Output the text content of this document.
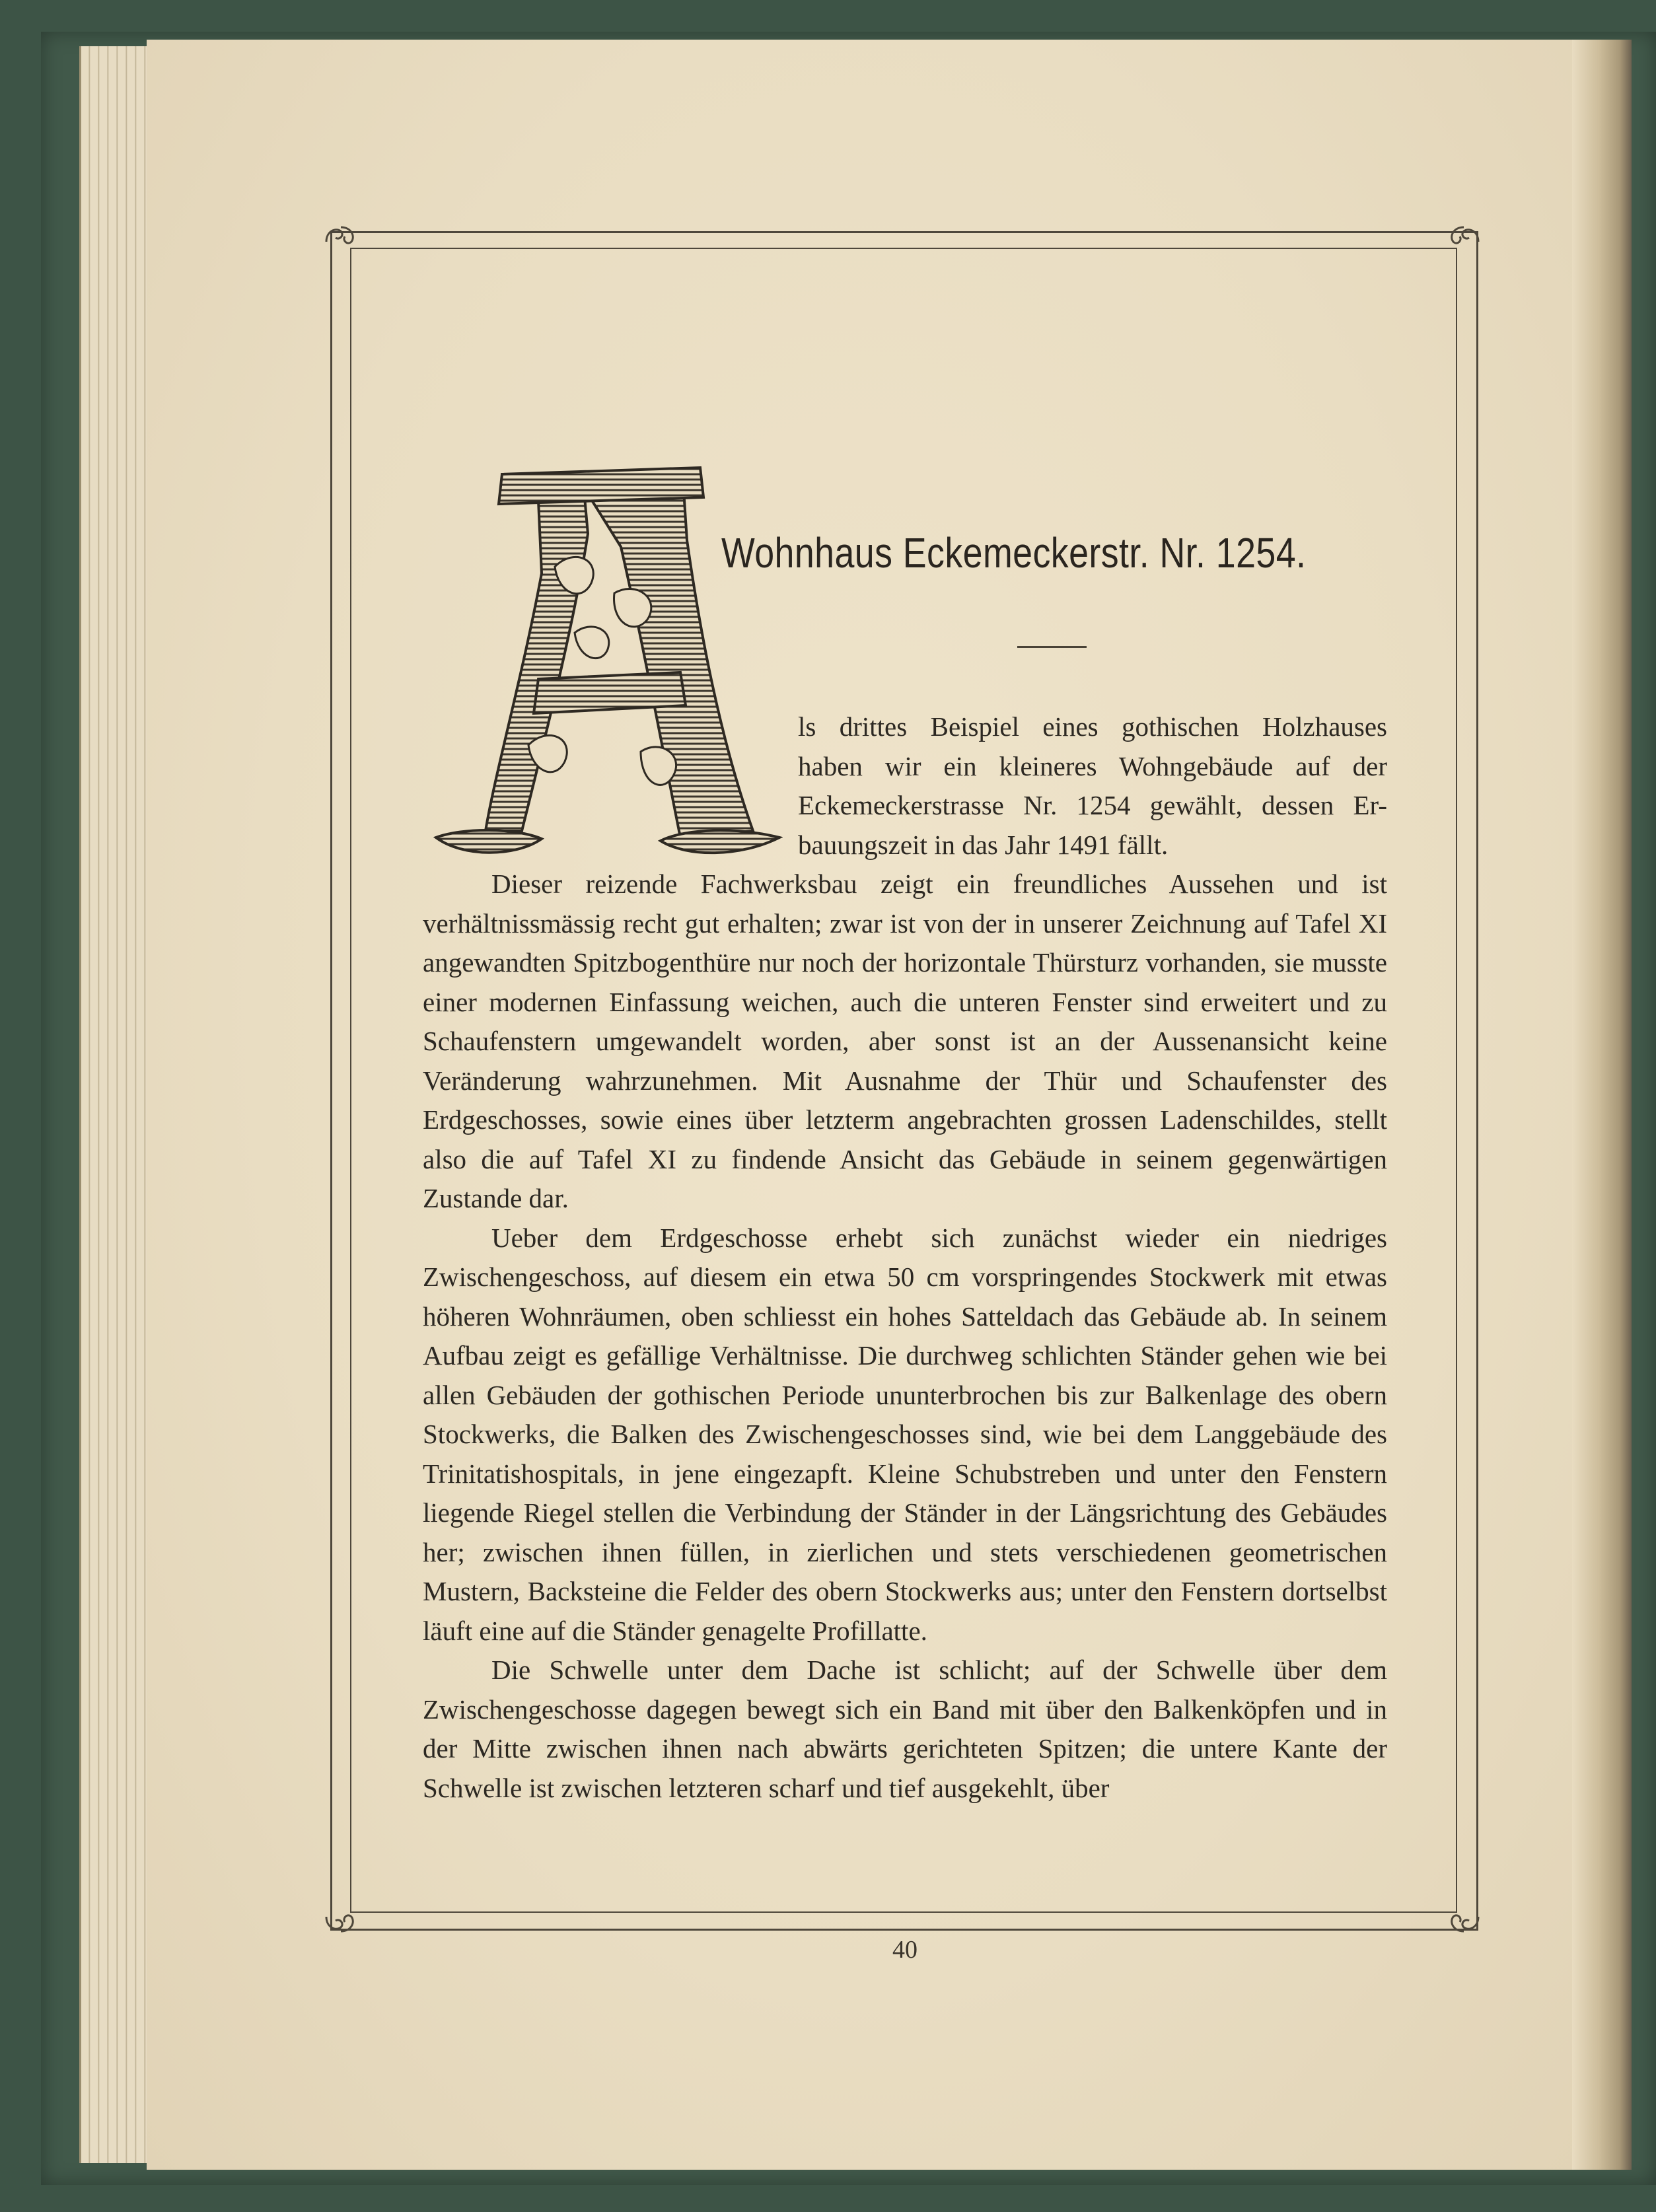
Wohnhaus Eckemeckerstr. Nr. 1254.
ls drittes Beispiel eines gothischen Holzhauses
haben wir ein kleineres Wohngebäude auf der
Eckemeckerstrasse Nr. 1254 gewählt, dessen Er-
bauungszeit in das Jahr 1491 fällt.

Dieser reizende Fachwerksbau zeigt ein freundliches Aussehen und ist verhältnissmässig recht gut erhalten; zwar ist von der in unserer Zeichnung auf Tafel XI angewandten Spitzbogenthüre nur noch der horizontale Thürsturz vorhanden, sie musste einer modernen Einfassung weichen, auch die unteren Fenster sind erweitert und zu Schaufenstern umgewandelt worden, aber sonst ist an der Aussenansicht keine Veränderung wahrzunehmen. Mit Ausnahme der Thür und Schaufenster des Erdgeschosses, sowie eines über letzterm angebrachten grossen Ladenschildes, stellt also die auf Tafel XI zu findende Ansicht das Gebäude in seinem gegenwärtigen Zustande dar.

Ueber dem Erdgeschosse erhebt sich zunächst wieder ein niedriges Zwischengeschoss, auf diesem ein etwa 50 cm vorspringendes Stockwerk mit etwas höheren Wohnräumen, oben schliesst ein hohes Satteldach das Gebäude ab. In seinem Aufbau zeigt es gefällige Verhältnisse. Die durchweg schlichten Ständer gehen wie bei allen Gebäuden der gothischen Periode ununterbrochen bis zur Balkenlage des obern Stockwerks, die Balken des Zwischengeschosses sind, wie bei dem Langgebäude des Trinitatishospitals, in jene eingezapft. Kleine Schubstreben und unter den Fenstern liegende Riegel stellen die Verbindung der Ständer in der Längsrichtung des Gebäudes her; zwischen ihnen füllen, in zierlichen und stets verschiedenen geometrischen Mustern, Backsteine die Felder des obern Stockwerks aus; unter den Fenstern dortselbst läuft eine auf die Ständer genagelte Profillatte.

Die Schwelle unter dem Dache ist schlicht; auf der Schwelle über dem Zwischengeschosse dagegen bewegt sich ein Band mit über den Balkenköpfen und in der Mitte zwischen ihnen nach abwärts gerichteten Spitzen; die untere Kante der Schwelle ist zwischen letzteren scharf und tief ausgekehlt, über

40
